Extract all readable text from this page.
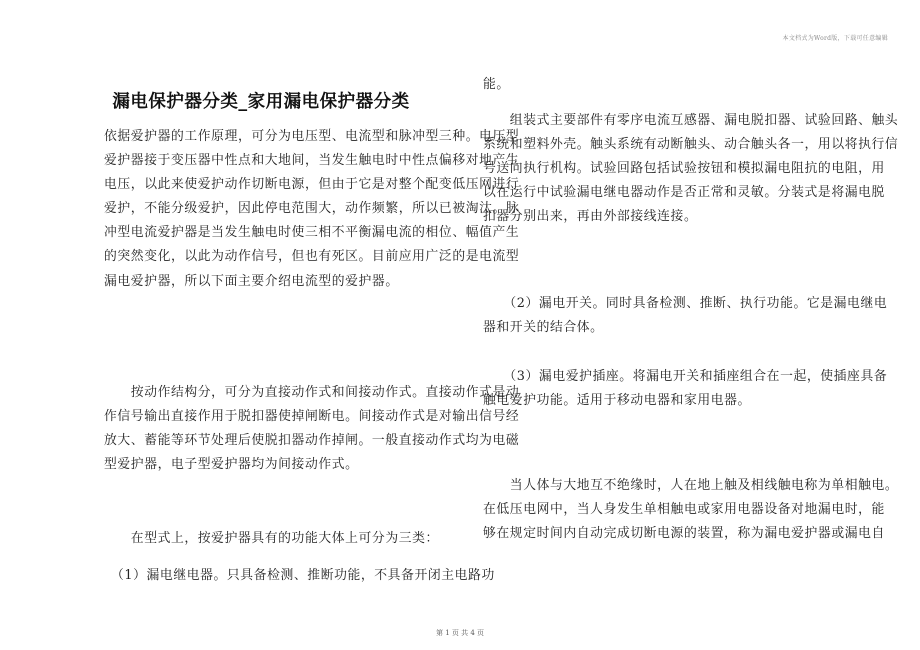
本文档式为Word版，下载可任意编辑
漏电保护器分类_家用漏电保护器分类
依据爱护器的工作原理，可分为电压型、电流型和脉冲型三种。电压型
爱护器接于变压器中性点和大地间，当发生触电时中性点偏移对地产生
电压，以此来使爱护动作切断电源，但由于它是对整个配变低压网进行
爱护，不能分级爱护，因此停电范围大，动作频繁，所以已被淘汰。脉
冲型电流爱护器是当发生触电时使三相不平衡漏电流的相位、幅值产生
的突然变化，以此为动作信号，但也有死区。目前应用广泛的是电流型
漏电爱护器，所以下面主要介绍电流型的爱护器。
　　按动作结构分，可分为直接动作式和间接动作式。直接动作式是动
作信号输出直接作用于脱扣器使掉闸断电。间接动作式是对输出信号经
放大、蓄能等环节处理后使脱扣器动作掉闸。一般直接动作式均为电磁
型爱护器，电子型爱护器均为间接动作式。
　　在型式上，按爱护器具有的功能大体上可分为三类：
　（1）漏电继电器。只具备检测、推断功能，不具备开闭主电路功
能。
　　组装式主要部件有零序电流互感器、漏电脱扣器、试验回路、触头
系统和塑料外壳。触头系统有动断触头、动合触头各一，用以将执行信
号送向执行机构。试验回路包括试验按钮和模拟漏电阻抗的电阻，用
以在运行中试验漏电继电器动作是否正常和灵敏。分装式是将漏电脱
扣器分别出来，再由外部接线连接。
　　（2）漏电开关。同时具备检测、推断、执行功能。它是漏电继电
器和开关的结合体。
　　（3）漏电爱护插座。将漏电开关和插座组合在一起，使插座具备
触电爱护功能。适用于移动电器和家用电器。
　　当人体与大地互不绝缘时，人在地上触及相线触电称为单相触电。
在低压电网中，当人身发生单相触电或家用电器设备对地漏电时，能
够在规定时间内自动完成切断电源的装置，称为漏电爱护器或漏电自
第 1 页 共 4 页
